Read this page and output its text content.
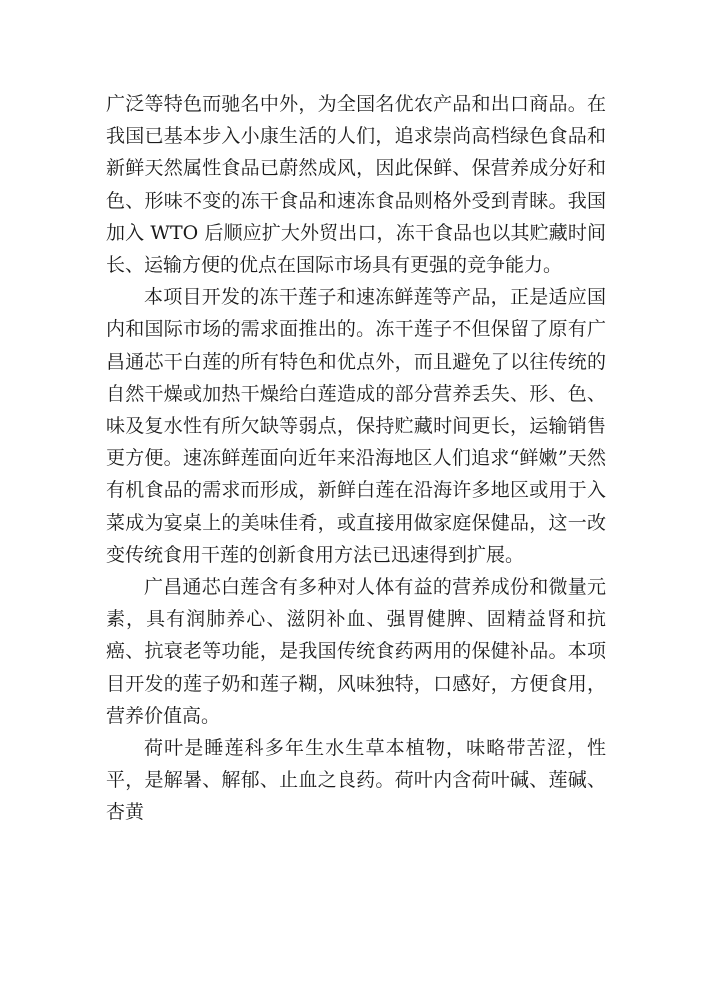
广泛等特色而驰名中外，为全国名优农产品和出口商品。在我国已基本步入小康生活的人们，追求崇尚高档绿色食品和新鲜天然属性食品已蔚然成风，因此保鲜、保营养成分好和色、形味不变的冻干食品和速冻食品则格外受到青睐。我国加入 WTO 后顺应扩大外贸出口，冻干食品也以其贮藏时间长、运输方便的优点在国际市场具有更强的竞争能力。

本项目开发的冻干莲子和速冻鲜莲等产品，正是适应国内和国际市场的需求面推出的。冻干莲子不但保留了原有广昌通芯干白莲的所有特色和优点外，而且避免了以往传统的自然干燥或加热干燥给白莲造成的部分营养丢失、形、色、味及复水性有所欠缺等弱点，保持贮藏时间更长，运输销售更方便。速冻鲜莲面向近年来沿海地区人们追求“鲜嫩”天然有机食品的需求而形成，新鲜白莲在沿海许多地区或用于入菜成为宴桌上的美味佳肴，或直接用做家庭保健品，这一改变传统食用干莲的创新食用方法已迅速得到扩展。

广昌通芯白莲含有多种对人体有益的营养成份和微量元素，具有润肺养心、滋阴补血、强胃健脾、固精益肾和抗癌、抗衰老等功能，是我国传统食药两用的保健补品。本项目开发的莲子奶和莲子糊，风味独特，口感好，方便食用，营养价值高。

荷叶是睡莲科多年生水生草本植物，味略带苦涩，性平，是解暑、解郁、止血之良药。荷叶内含荷叶碱、莲碱、杏黄
